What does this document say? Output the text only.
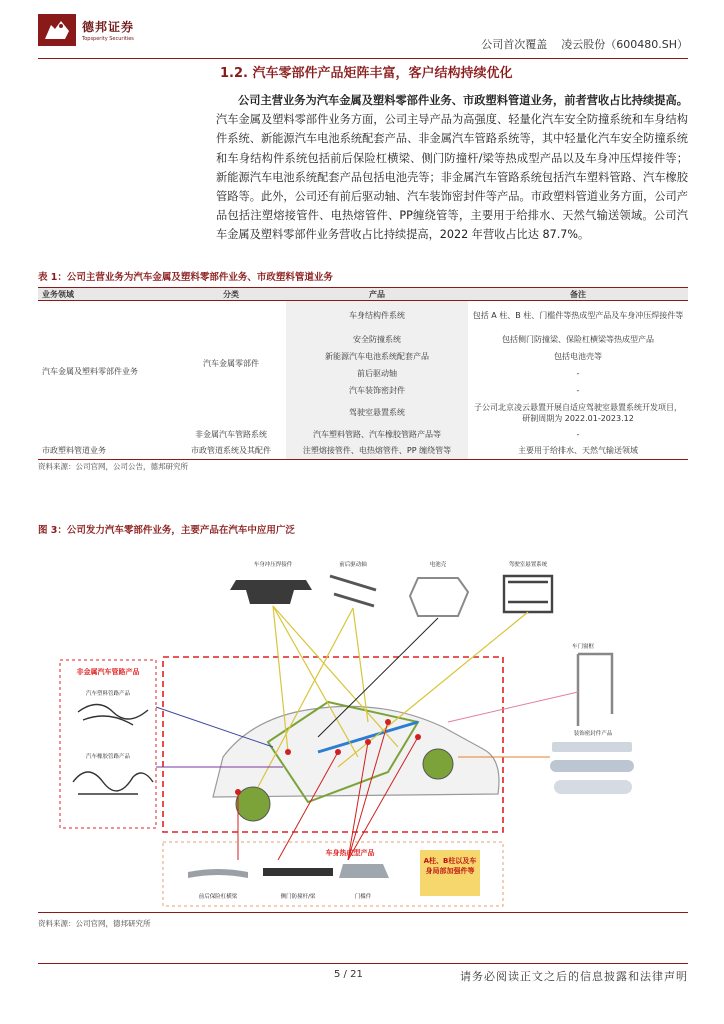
德邦证券
Topsperity Securities	公司首次覆盖    凌云股份（600480.SH）
1.2. 汽车零部件产品矩阵丰富，客户结构持续优化
公司主营业务为汽车金属及塑料零部件业务、市政塑料管道业务，前者营收占比持续提高。汽车金属及塑料零部件业务方面，公司主导产品为高强度、轻量化汽车安全防撞系统和车身结构件系统、新能源汽车电池系统配套产品、非金属汽车管路系统等，其中轻量化汽车安全防撞系统和车身结构件系统包括前后保险杠横梁、侧门防撞杆/梁等热成型产品以及车身冲压焊接件等；新能源汽车电池系统配套产品包括电池壳等；非金属汽车管路系统包括汽车塑料管路、汽车橡胶管路等。此外，公司还有前后驱动轴、汽车装饰密封件等产品。市政塑料管道业务方面，公司产品包括注塑熔接管件、电热熔管件、PP缠绕管等，主要用于给排水、天然气输送领域。公司汽车金属及塑料零部件业务营收占比持续提高，2022 年营收占比达 87.7%。
表 1：公司主营业务为汽车金属及塑料零部件业务、市政塑料管道业务
业务领域	分类	产品	备注
汽车金属及塑料零部件业务	汽车金属零部件	车身结构件系统	包括 A 柱、B 柱、门槛件等热成型产品及车身冲压焊接件等
		安全防撞系统	包括侧门防撞梁、保险杠横梁等热成型产品
		新能源汽车电池系统配套产品	包括电池壳等
		前后驱动轴	-
		汽车装饰密封件	-
		驾驶室悬置系统	子公司北京凌云悬置开展自适应驾驶室悬置系统开发项目，研制周期为 2022.01-2023.12
	非金属汽车管路系统	汽车塑料管路、汽车橡胶管路产品等	-
市政塑料管道业务	市政管道系统及其配件	注塑熔接管件、电热熔管件、PP 缠绕管等	主要用于给排水、天然气输送领域
资料来源：公司官网，公司公告，德邦研究所
图 3：公司发力汽车零部件业务，主要产品在汽车中应用广泛
非金属汽车管路产品
汽车塑料管路产品
汽车橡胶管路产品
车身冲压焊接件	前后驱动轴	电池壳	驾驶室悬置系统
车门窗框
装饰密封件产品
车身热成型产品
前后保险杠横梁	侧门防撞杆/梁	门槛件
A柱、B柱以及车身局部加强件等
资料来源：公司官网，德邦研究所
5 / 21	请务必阅读正文之后的信息披露和法律声明
